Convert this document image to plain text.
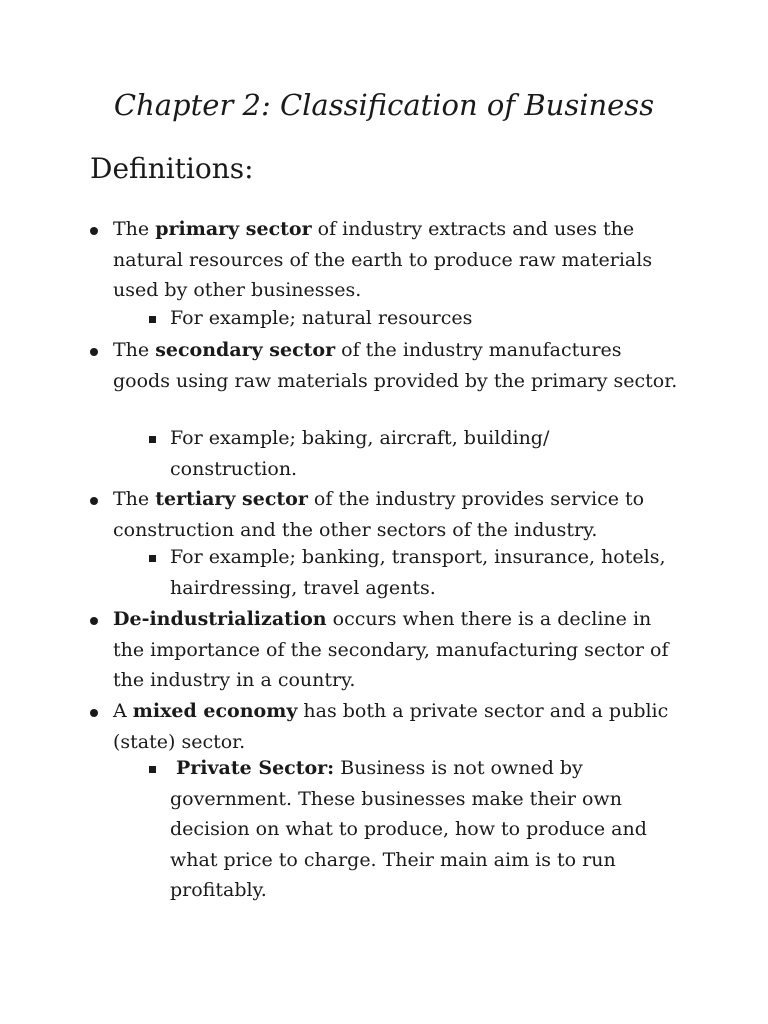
Chapter 2: Classification of Business
Definitions:
The primary sector of industry extracts and uses the natural resources of the earth to produce raw materials used by other businesses.
For example; natural resources
The secondary sector of the industry manufactures goods using raw materials provided by the primary sector.
For example; baking, aircraft, building/ construction.
The tertiary sector of the industry provides service to construction and the other sectors of the industry.
For example; banking, transport, insurance, hotels, hairdressing, travel agents.
De-industrialization occurs when there is a decline in the importance of the secondary, manufacturing sector of the industry in a country.
A mixed economy has both a private sector and a public (state) sector.
Private Sector: Business is not owned by government. These businesses make their own decision on what to produce, how to produce and what price to charge. Their main aim is to run profitably.
